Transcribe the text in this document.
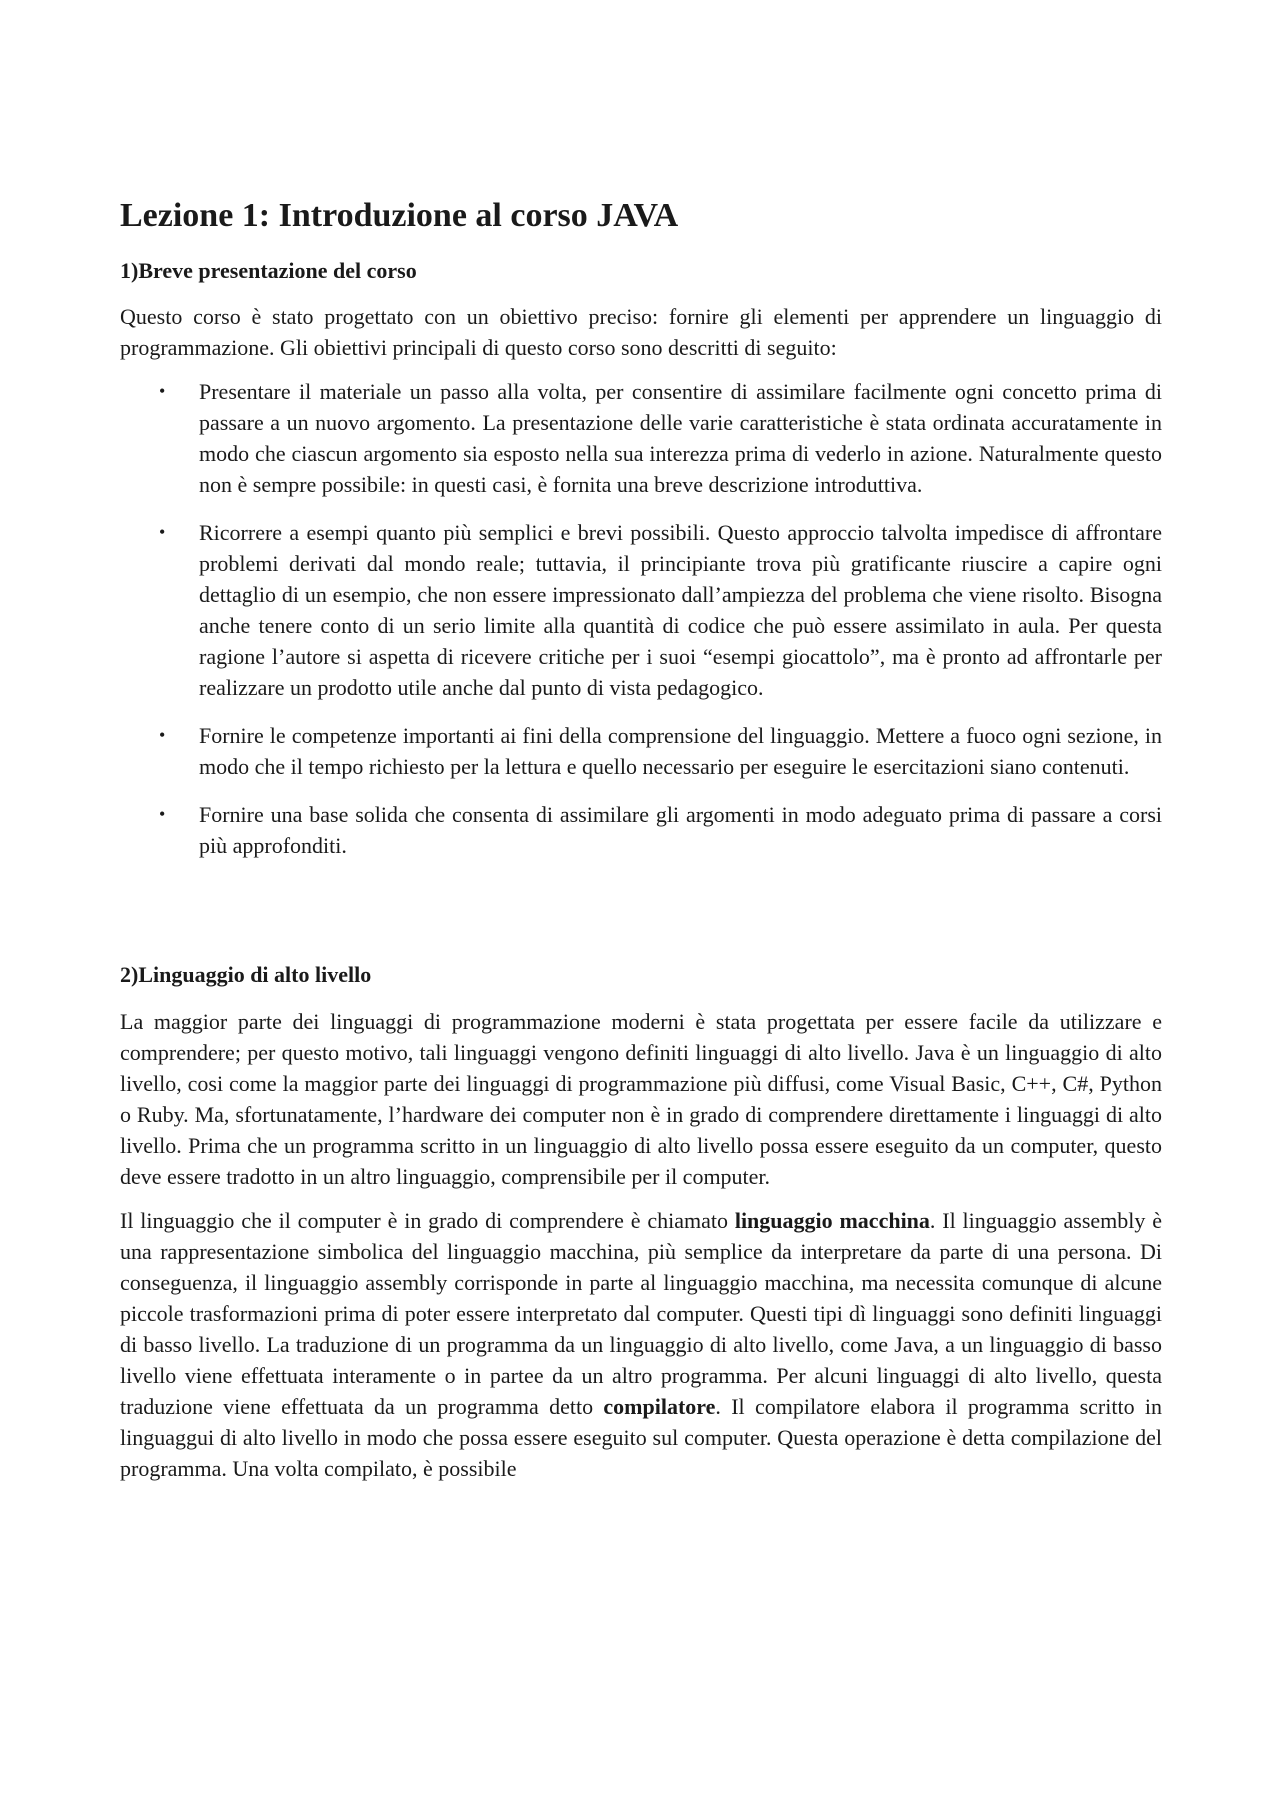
Lezione 1: Introduzione al corso JAVA
1)Breve presentazione del corso

Questo corso è stato progettato con un obiettivo preciso: fornire gli elementi per apprendere un linguaggio di programmazione. Gli obiettivi principali di questo corso sono descritti di seguito:

• Presentare il materiale un passo alla volta, per consentire di assimilare facilmente ogni concetto prima di passare a un nuovo argomento. La presentazione delle varie caratteristiche è stata ordinata accuratamente in modo che ciascun argomento sia esposto nella sua interezza prima di vederlo in azione. Naturalmente questo non è sempre possibile: in questi casi, è fornita una breve descrizione introduttiva.
• Ricorrere a esempi quanto più semplici e brevi possibili. Questo approccio talvolta impedisce di affrontare problemi derivati dal mondo reale; tuttavia, il principiante trova più gratificante riuscire a capire ogni dettaglio di un esempio, che non essere impressionato dall’ampiezza del problema che viene risolto. Bisogna anche tenere conto di un serio limite alla quantità di codice che può essere assimilato in aula. Per questa ragione l’autore si aspetta di ricevere critiche per i suoi “esempi giocattolo”, ma è pronto ad affrontarle per realizzare un prodotto utile anche dal punto di vista pedagogico.
• Fornire le competenze importanti ai fini della comprensione del linguaggio. Mettere a fuoco ogni sezione, in modo che il tempo richiesto per la lettura e quello necessario per eseguire le esercitazioni siano contenuti.
• Fornire una base solida che consenta di assimilare gli argomenti in modo adeguato prima di passare a corsi più approfonditi.
2)Linguaggio di alto livello

La maggior parte dei linguaggi di programmazione moderni è stata progettata per essere facile da utilizzare e comprendere; per questo motivo, tali linguaggi vengono definiti linguaggi di alto livello. Java è un linguaggio di alto livello, cosi come la maggior parte dei linguaggi di programmazione più diffusi, come Visual Basic, C++, C#, Python o Ruby. Ma, sfortunatamente, l’hardware dei computer non è in grado di comprendere direttamente i linguaggi di alto livello. Prima che un programma scritto in un linguaggio di alto livello possa essere eseguito da un computer, questo deve essere tradotto in un altro linguaggio, comprensibile per il computer.

Il linguaggio che il computer è in grado di comprendere è chiamato linguaggio macchina. Il linguaggio assembly è una rappresentazione simbolica del linguaggio macchina, più semplice da interpretare da parte di una persona. Di conseguenza, il linguaggio assembly corrisponde in parte al linguaggio macchina, ma necessita comunque di alcune piccole trasformazioni prima di poter essere interpretato dal computer. Questi tipi dì linguaggi sono definiti linguaggi di basso livello. La traduzione di un programma da un linguaggio di alto livello, come Java, a un linguaggio di basso livello viene effettuata interamente o in partee da un altro programma. Per alcuni linguaggi di alto livello, questa traduzione viene effettuata da un programma detto compilatore. Il compilatore elabora il programma scritto in linguaggui di alto livello in modo che possa essere eseguito sul computer. Questa operazione è detta compilazione del programma. Una volta compilato, è possibile
